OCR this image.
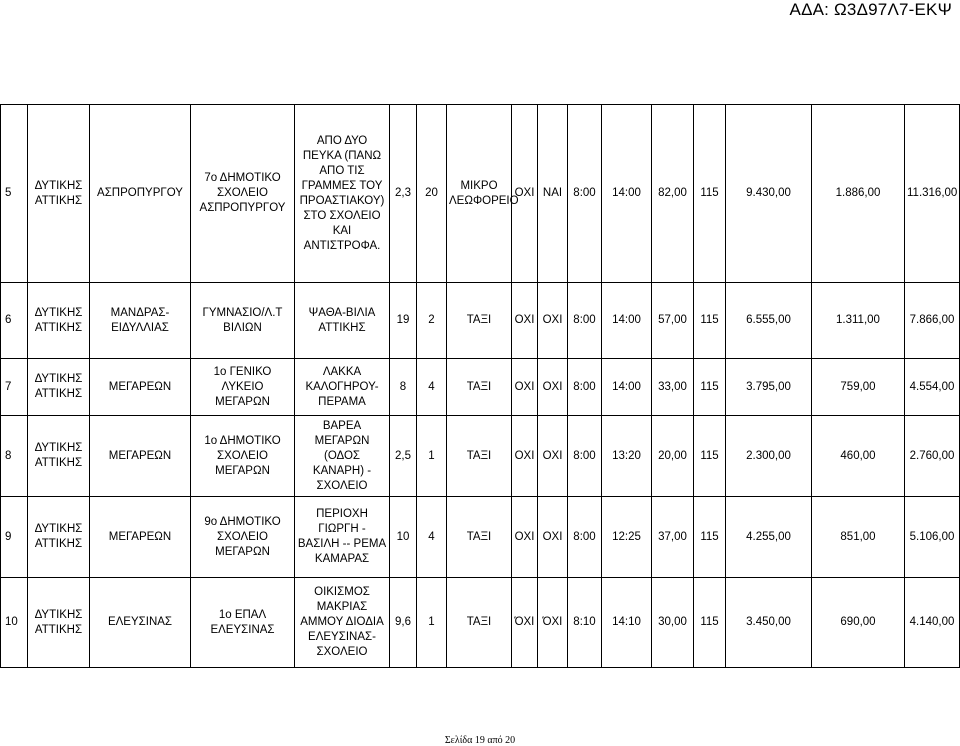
ΑΔΑ: Ω3Δ97Λ7-ΕΚΨ
5	ΔΥΤΙΚΗΣ ΑΤΤΙΚΗΣ	ΑΣΠΡΟΠΥΡΓΟΥ	7ο ΔΗΜΟΤΙΚΟ ΣΧΟΛΕΙΟ ΑΣΠΡΟΠΥΡΓΟΥ	ΑΠΟ ΔΥΟ ΠΕΥΚΑ (ΠΑΝΩ ΑΠΟ ΤΙΣ ΓΡΑΜΜΕΣ ΤΟΥ ΠΡΟΑΣΤΙΑΚΟΥ) ΣΤΟ ΣΧΟΛΕΙΟ ΚΑΙ ΑΝΤΙΣΤΡΟΦΑ.	2,3	20	ΜΙΚΡΟ ΛΕΩΦΟΡΕΙΟ	ΟΧΙ	ΝΑΙ	8:00	14:00	82,00	115	9.430,00	1.886,00	11.316,00
6	ΔΥΤΙΚΗΣ ΑΤΤΙΚΗΣ	ΜΑΝΔΡΑΣ-ΕΙΔΥΛΛΙΑΣ	ΓΥΜΝΑΣΙΟ/Λ.Τ ΒΙΛΙΩΝ	ΨΑΘΑ-ΒΙΛΙΑ ΑΤΤΙΚΗΣ	19	2	ΤΑΞΙ	ΟΧΙ	ΟΧΙ	8:00	14:00	57,00	115	6.555,00	1.311,00	7.866,00
7	ΔΥΤΙΚΗΣ ΑΤΤΙΚΗΣ	ΜΕΓΑΡΕΩΝ	1ο ΓΕΝΙΚΟ ΛΥΚΕΙΟ ΜΕΓΑΡΩΝ	ΛΑΚΚΑ ΚΑΛΟΓΗΡΟΥ-ΠΕΡΑΜΑ	8	4	ΤΑΞΙ	ΟΧΙ	ΟΧΙ	8:00	14:00	33,00	115	3.795,00	759,00	4.554,00
8	ΔΥΤΙΚΗΣ ΑΤΤΙΚΗΣ	ΜΕΓΑΡΕΩΝ	1ο ΔΗΜΟΤΙΚΟ ΣΧΟΛΕΙΟ ΜΕΓΑΡΩΝ	ΒΑΡΕΑ ΜΕΓΑΡΩΝ (ΟΔΟΣ ΚΑΝΑΡΗ) - ΣΧΟΛΕΙΟ	2,5	1	ΤΑΞΙ	ΟΧΙ	ΟΧΙ	8:00	13:20	20,00	115	2.300,00	460,00	2.760,00
9	ΔΥΤΙΚΗΣ ΑΤΤΙΚΗΣ	ΜΕΓΑΡΕΩΝ	9ο ΔΗΜΟΤΙΚΟ ΣΧΟΛΕΙΟ ΜΕΓΑΡΩΝ	ΠΕΡΙΟΧΗ ΓΙΩΡΓΗ - ΒΑΣΙΛΗ -- ΡΕΜΑ ΚΑΜΑΡΑΣ	10	4	ΤΑΞΙ	ΟΧΙ	ΟΧΙ	8:00	12:25	37,00	115	4.255,00	851,00	5.106,00
10	ΔΥΤΙΚΗΣ ΑΤΤΙΚΗΣ	ΕΛΕΥΣΙΝΑΣ	1ο ΕΠΑΛ ΕΛΕΥΣΙΝΑΣ	ΟΙΚΙΣΜΟΣ ΜΑΚΡΙΑΣ ΑΜΜΟΥ ΔΙΟΔΙΑ ΕΛΕΥΣΙΝΑΣ-ΣΧΟΛΕΙΟ	9,6	1	ΤΑΞΙ	ΌΧΙ	ΌΧΙ	8:10	14:10	30,00	115	3.450,00	690,00	4.140,00
Σελίδα 19 από 20
